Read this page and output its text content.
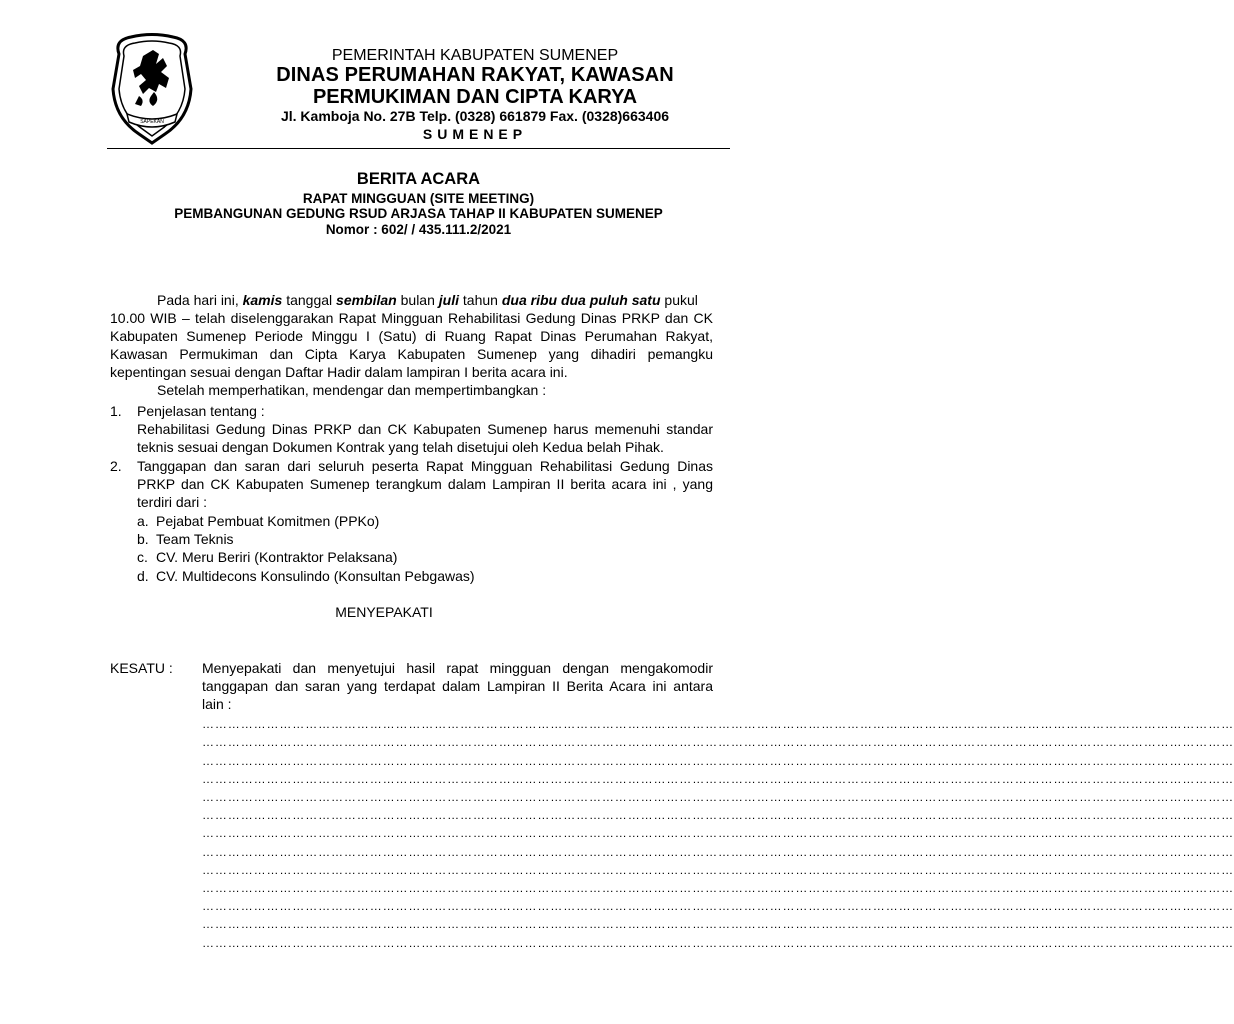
SAPEKAN
PEMERINTAH KABUPATEN SUMENEP
DINAS PERUMAHAN RAKYAT, KAWASAN
PERMUKIMAN DAN CIPTA KARYA
Jl. Kamboja No. 27B Telp. (0328) 661879 Fax. (0328)663406
SUMENEP
BERITA ACARA
RAPAT MINGGUAN (SITE MEETING)
PEMBANGUNAN GEDUNG RSUD ARJASA TAHAP II KABUPATEN SUMENEP
Nomor : 602/ / 435.111.2/2021
Pada hari ini, kamis tanggal sembilan bulan juli tahun dua ribu dua puluh satu pukul
10.00 WIB – telah diselenggarakan Rapat Mingguan Rehabilitasi Gedung Dinas PRKP dan CK
Kabupaten Sumenep Periode Minggu I (Satu) di Ruang Rapat Dinas Perumahan Rakyat,
Kawasan Permukiman dan Cipta Karya Kabupaten Sumenep yang dihadiri pemangku
kepentingan sesuai dengan Daftar Hadir dalam lampiran I berita acara ini.
Setelah memperhatikan, mendengar dan mempertimbangkan :
1. Penjelasan tentang :
Rehabilitasi Gedung Dinas PRKP dan CK Kabupaten Sumenep harus memenuhi standar
teknis sesuai dengan Dokumen Kontrak yang telah disetujui oleh Kedua belah Pihak.
2. Tanggapan dan saran dari seluruh peserta Rapat Mingguan Rehabilitasi Gedung Dinas
PRKP dan CK Kabupaten Sumenep terangkum dalam Lampiran II berita acara ini , yang
terdiri dari :
a. Pejabat Pembuat Komitmen (PPKo)
b. Team Teknis
c. CV. Meru Beriri (Kontraktor Pelaksana)
d. CV. Multidecons Konsulindo (Konsultan Pebgawas)
MENYEPAKATI
KESATU : Menyepakati dan menyetujui hasil rapat mingguan dengan mengakomodir
tanggapan dan saran yang terdapat dalam Lampiran II Berita Acara ini antara
lain :
……………………………………………………………………………………………………………………………………………………………………………………………………………………
……………………………………………………………………………………………………………………………………………………………………………………………………………………
……………………………………………………………………………………………………………………………………………………………………………………………………………………
……………………………………………………………………………………………………………………………………………………………………………………………………………………
……………………………………………………………………………………………………………………………………………………………………………………………………………………
……………………………………………………………………………………………………………………………………………………………………………………………………………………
……………………………………………………………………………………………………………………………………………………………………………………………………………………
……………………………………………………………………………………………………………………………………………………………………………………………………………………
……………………………………………………………………………………………………………………………………………………………………………………………………………………
……………………………………………………………………………………………………………………………………………………………………………………………………………………
……………………………………………………………………………………………………………………………………………………………………………………………………………………
……………………………………………………………………………………………………………………………………………………………………………………………………………………
……………………………………………………………………………………………………………………………………………………………………………………………………………………
